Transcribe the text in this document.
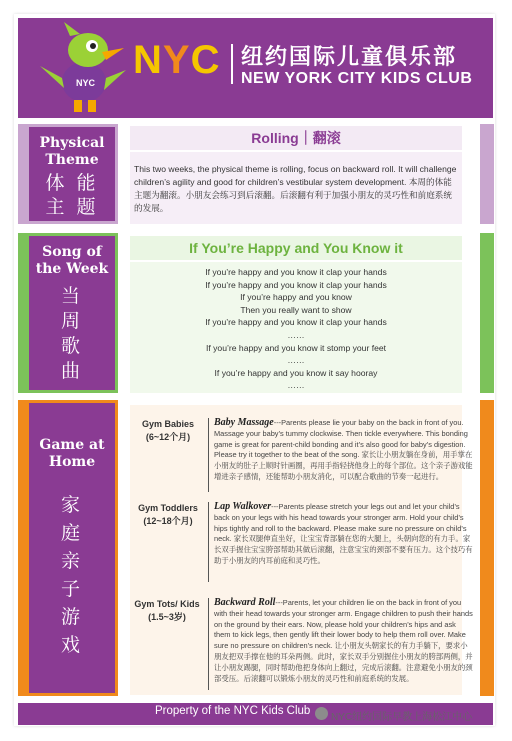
NYC
NYC 纽约国际儿童俱乐部
NEW YORK CITY KIDS CLUB
Physical Theme
体 能
主 题
Rolling｜翻滚
This two weeks, the physical theme is rolling, focus on backward roll. It will challenge children’s agility and good for children’s vestibular system development. 本周的体能主题为翻滚。小朋友会练习到后滚翻。后滚翻有利于加强小朋友的灵巧性和前庭系统的发展。
Song of the Week
当
周
歌
曲
If You’re Happy and You Know it
If you’re happy and you know it clap your hands
If you’re happy and you know it clap your hands
If you’re happy and you know
Then you really want to show
If you’re happy and you know it clap your hands
……
If you’re happy and you know it stomp your feet
……
If you’re happy and you know it say hooray
……
Game at Home
家
庭
亲
子
游
戏
Gym Babies
(6~12个月)
Baby Massage---Parents please lie your baby on the back in front of you. Massage your baby’s tummy clockwise. Then tickle everywhere. This bonding game is great for parent-child bonding and it’s also good for baby’s digestion. Please try it together to the beat of the song. 家长让小朋友躺在身前，用手掌在小朋友的肚子上顺时针画圈，再用手指轻挠他身上的每个部位。这个亲子游戏能增进亲子感情，还能帮助小朋友消化，可以配合歌曲的节奏一起进行。
Gym Toddlers
(12~18个月)
Lap Walkover---Parents please stretch your legs out and let your child’s back on your legs with his head towards your stronger arm. Hold your child’s hips tightly and roll to the backward. Please make sure no pressure on child’s neck. 家长双腿伸直坐好，让宝宝背部躺在您的大腿上，头朝向您的有力手。家长双手握住宝宝胯部帮助其做后滚翻，注意宝宝的颈部不要有压力。这个技巧有助于小朋友的内耳前庭和灵巧性。
Gym Tots/ Kids
(1.5~3岁)
Backward Roll---Parents, let your children lie on the back in front of you with their head towards your stronger arm. Engage children to push their hands on the ground by their ears. Now, please hold your children’s hips and ask them to kick legs, then gently lift their lower body to help them roll over. Make sure no pressure on children’s neck. 让小朋友头朝家长的有力手躺下，要求小朋友把双手撑在他的耳朵两侧。此时，家长双手分别握住小朋友的胯部两侧，并让小朋友踢腿，同时帮助他把身体向上翻过，完成后滚翻。注意避免小朋友的颈部受压。后滚翻可以锻炼小朋友的灵巧性和前庭系统的发展。
Property of the NYC Kids Club
NYC纽约国际早教上海松江中心
